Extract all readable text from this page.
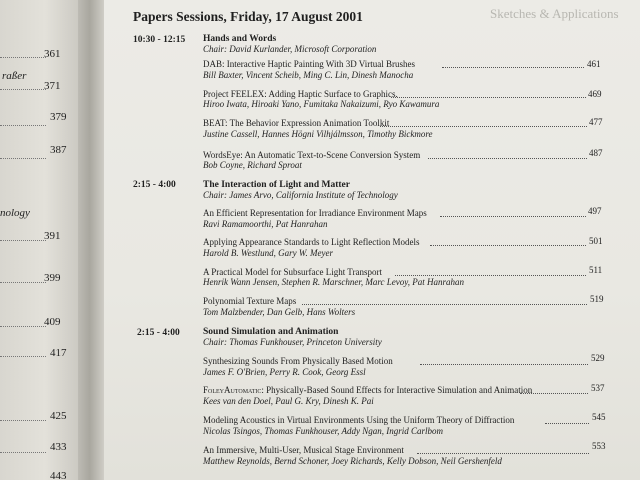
361
raßer
371
379
387
nology
391
399
409
417
425
433
443
Sketches & Applications
Papers Sessions, Friday, 17 August 2001
10:30 - 12:15 Hands and Words
Chair: David Kurlander, Microsoft Corporation
DAB: Interactive Haptic Painting With 3D Virtual Brushes	461
Bill Baxter, Vincent Scheib, Ming C. Lin, Dinesh Manocha
Project FEELEX: Adding Haptic Surface to Graphics.	469
Hiroo Iwata, Hiroaki Yano, Fumitaka Nakaizumi, Ryo Kawamura
BEAT: The Behavior Expression Animation Toolkit	477
Justine Cassell, Hannes Högni Vilhjálmsson, Timothy Bickmore
WordsEye: An Automatic Text-to-Scene Conversion System	487
Bob Coyne, Richard Sproat
2:15 - 4:00	The Interaction of Light and Matter
Chair: James Arvo, California Institute of Technology
An Efficient Representation for Irradiance Environment Maps	497
Ravi Ramamoorthi, Pat Hanrahan
Applying Appearance Standards to Light Reflection Models	501
Harold B. Westlund, Gary W. Meyer
A Practical Model for Subsurface Light Transport	511
Henrik Wann Jensen, Stephen R. Marschner, Marc Levoy, Pat Hanrahan
Polynomial Texture Maps	519
Tom Malzbender, Dan Gelb, Hans Wolters
2:15 - 4:00 Sound Simulation and Animation
Chair: Thomas Funkhouser, Princeton University
Synthesizing Sounds From Physically Based Motion	529
James F. O'Brien, Perry R. Cook, Georg Essl
FoleyAutomatic: Physically-Based Sound Effects for Interactive Simulation and Animation	537
Kees van den Doel, Paul G. Kry, Dinesh K. Pai
Modeling Acoustics in Virtual Environments Using the Uniform Theory of Diffraction	545
Nicolas Tsingos, Thomas Funkhouser, Addy Ngan, Ingrid Carlbom
An Immersive, Multi-User, Musical Stage Environment	553
Matthew Reynolds, Bernd Schoner, Joey Richards, Kelly Dobson, Neil Gershenfeld
